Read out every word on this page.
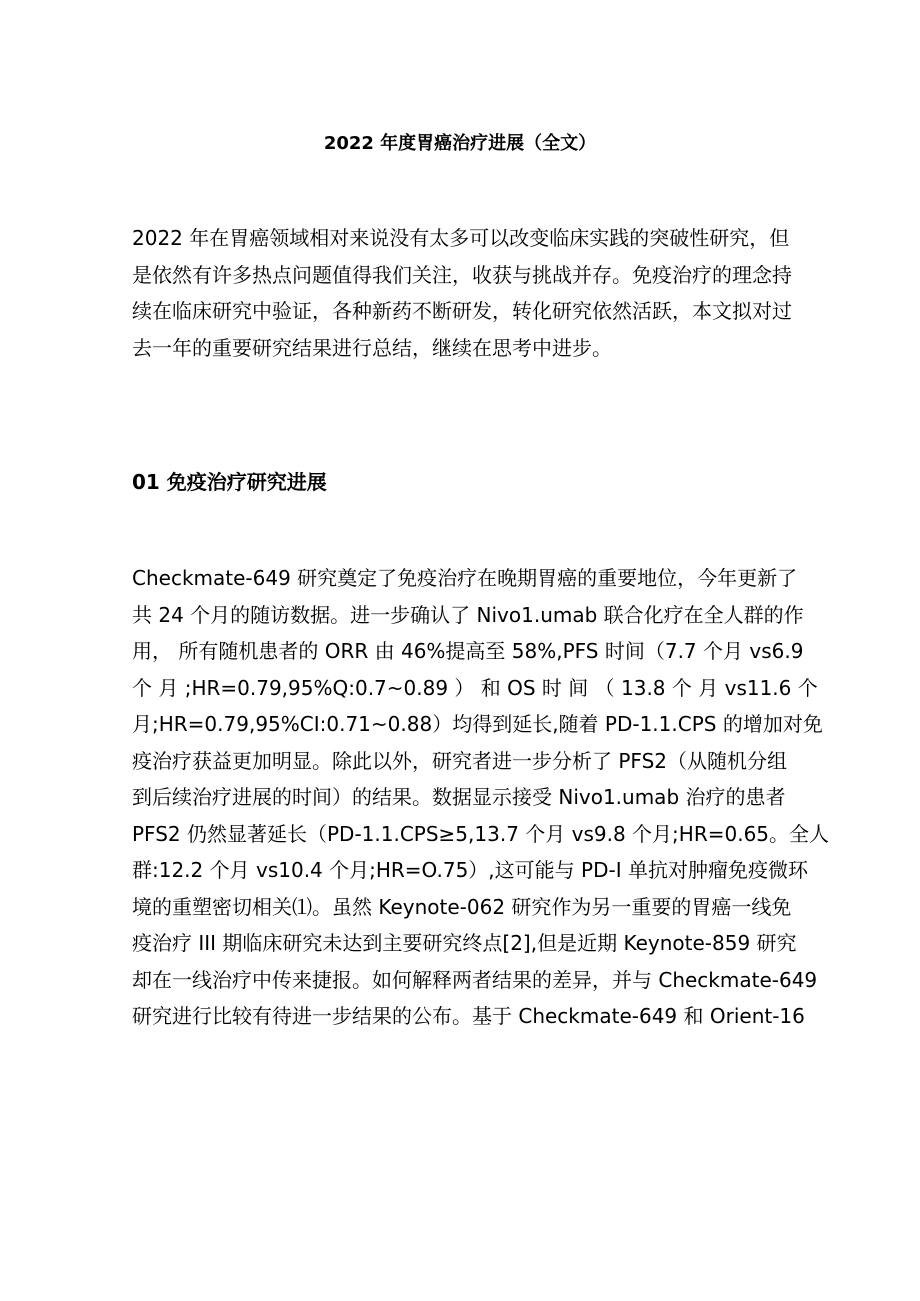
2022 年度胃癌治疗进展（全文）
2022 年在胃癌领域相对来说没有太多可以改变临床实践的突破性研究，但
是依然有许多热点问题值得我们关注，收获与挑战并存。免疫治疗的理念持
续在临床研究中验证，各种新药不断研发，转化研究依然活跃，本文拟对过
去一年的重要研究结果进行总结，继续在思考中进步。
01 免疫治疗研究进展
Checkmate-649 研究奠定了免疫治疗在晚期胃癌的重要地位，今年更新了
共 24 个月的随访数据。进一步确认了 Nivo1.umab 联合化疗在全人群的作
用， 所有随机患者的 ORR 由 46%提高至 58%,PFS 时间（7.7 个月 vs6.9
个 月 ;HR=0.79,95%Q:0.7~0.89 ） 和 OS 时 间 （ 13.8 个 月 vs11.6 个
月;HR=0.79,95%CI:0.71~0.88）均得到延长,随着 PD-1.1.CPS 的增加对免
疫治疗获益更加明显。除此以外，研究者进一步分析了 PFS2（从随机分组
到后续治疗进展的时间）的结果。数据显示接受 Nivo1.umab 治疗的患者
PFS2 仍然显著延长（PD-1.1.CPS≥5,13.7 个月 vs9.8 个月;HR=0.65。全人
群:12.2 个月 vs10.4 个月;HR=O.75）,这可能与 PD-I 单抗对肿瘤免疫微环
境的重塑密切相关⑴。虽然 Keynote-062 研究作为另一重要的胃癌一线免
疫治疗 III 期临床研究未达到主要研究终点[2],但是近期 Keynote-859 研究
却在一线治疗中传来捷报。如何解释两者结果的差异，并与 Checkmate-649
研究进行比较有待进一步结果的公布。基于 Checkmate-649 和 Orient-16
